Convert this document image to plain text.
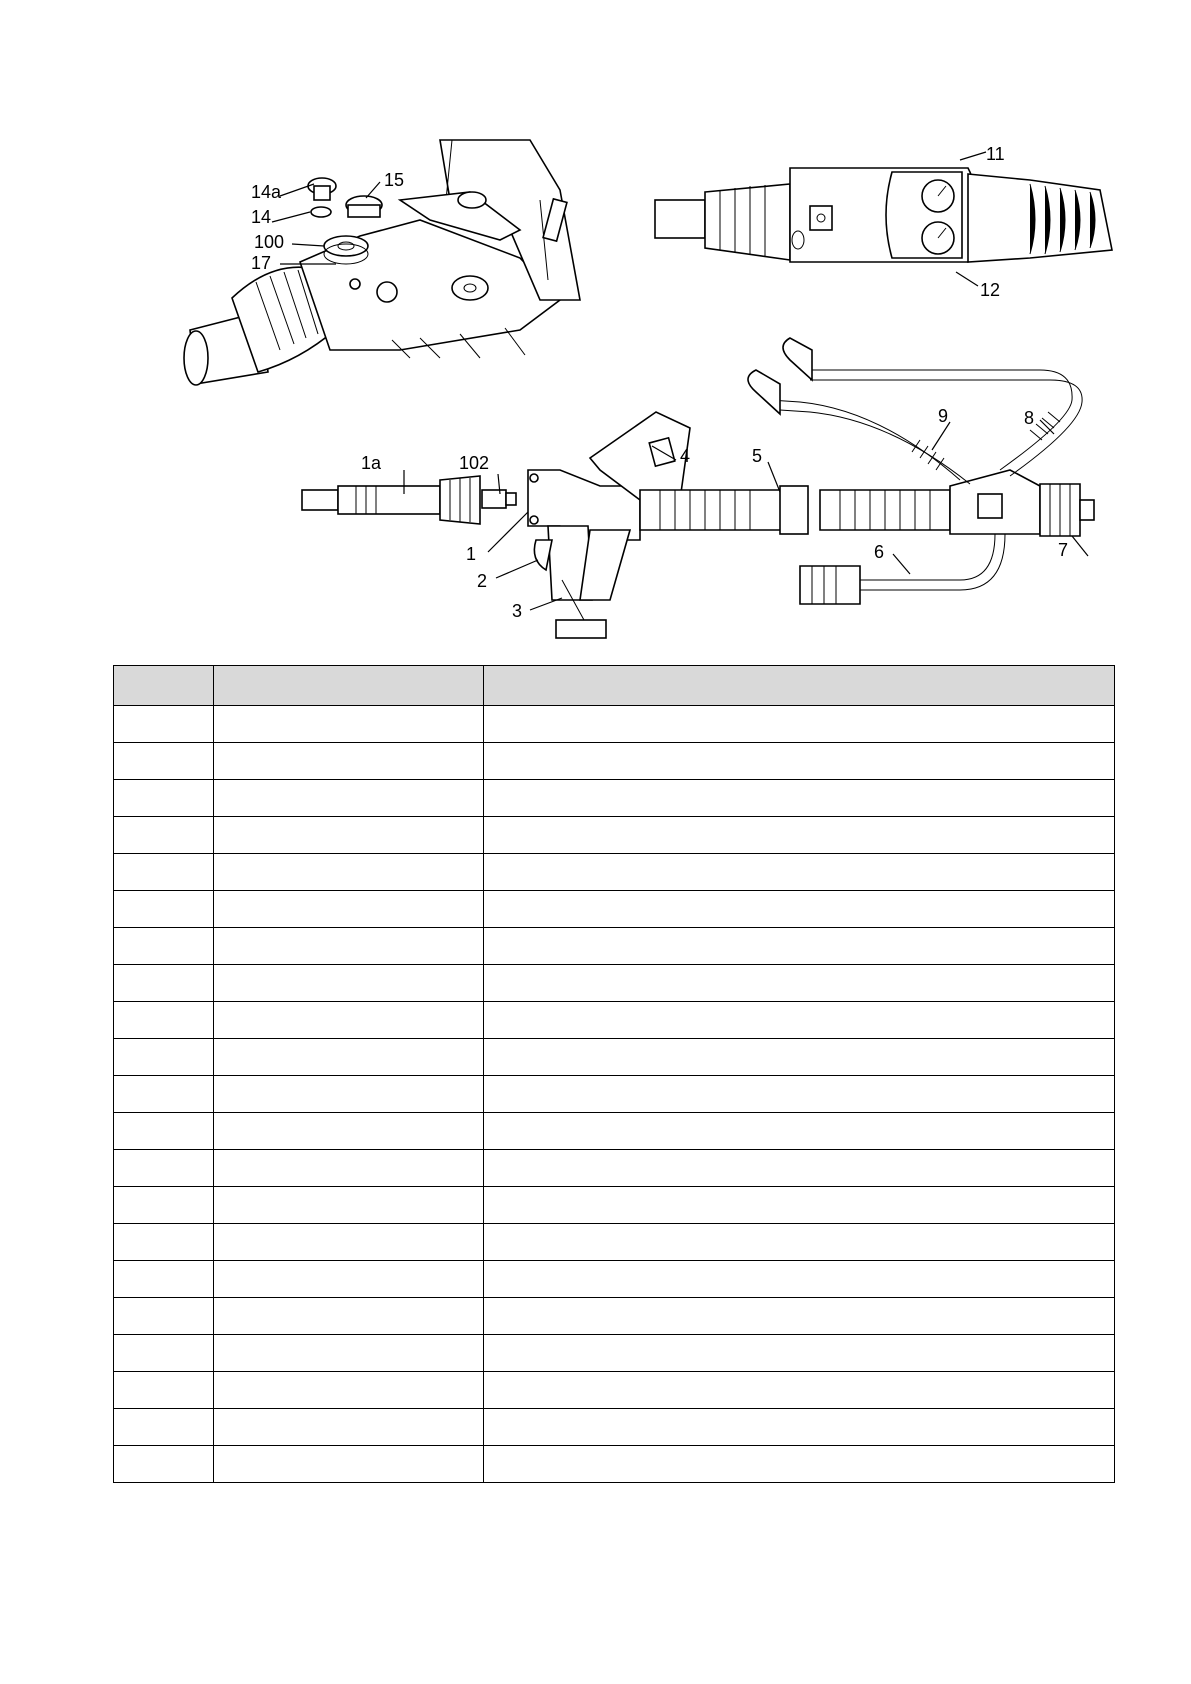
14a
14
100
17
15
11
12
9	8
1a	102	4	5
1
2
3
6	7
